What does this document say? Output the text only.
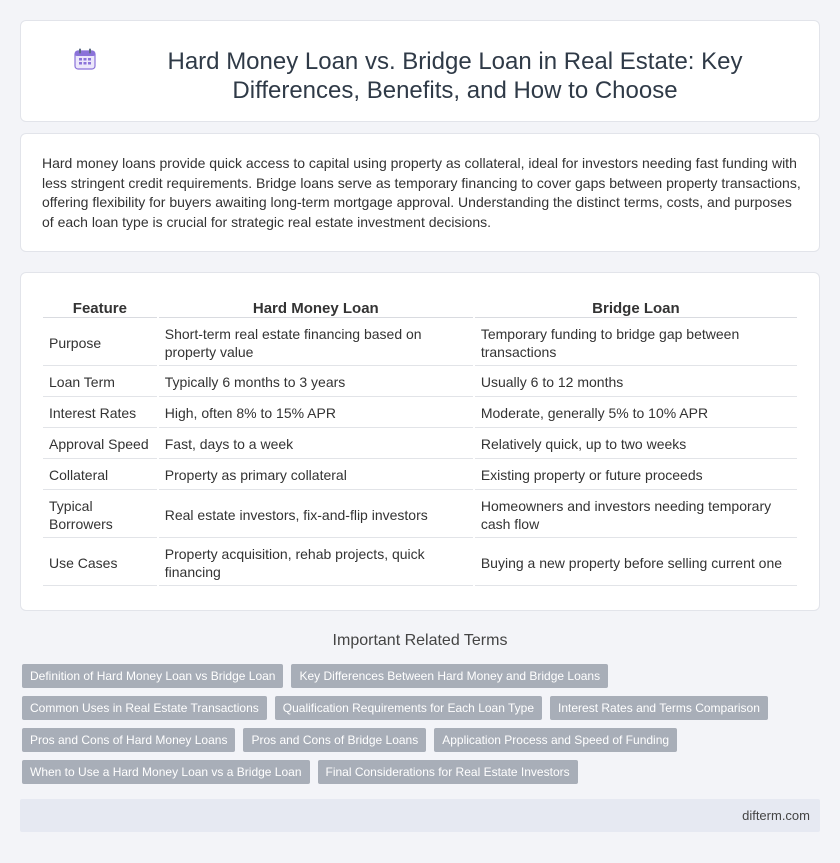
Hard Money Loan vs. Bridge Loan in Real Estate: Key Differences, Benefits, and How to Choose

Hard money loans provide quick access to capital using property as collateral, ideal for investors needing fast funding with less stringent credit requirements. Bridge loans serve as temporary financing to cover gaps between property transactions, offering flexibility for buyers awaiting long-term mortgage approval. Understanding the distinct terms, costs, and purposes of each loan type is crucial for strategic real estate investment decisions.

Feature	Hard Money Loan	Bridge Loan
Purpose	Short-term real estate financing based on property value	Temporary funding to bridge gap between transactions
Loan Term	Typically 6 months to 3 years	Usually 6 to 12 months
Interest Rates	High, often 8% to 15% APR	Moderate, generally 5% to 10% APR
Approval Speed	Fast, days to a week	Relatively quick, up to two weeks
Collateral	Property as primary collateral	Existing property or future proceeds
Typical Borrowers	Real estate investors, fix-and-flip investors	Homeowners and investors needing temporary cash flow
Use Cases	Property acquisition, rehab projects, quick financing	Buying a new property before selling current one
Important Related Terms
Definition of Hard Money Loan vs Bridge Loan	Key Differences Between Hard Money and Bridge Loans
Common Uses in Real Estate Transactions	Qualification Requirements for Each Loan Type	Interest Rates and Terms Comparison
Pros and Cons of Hard Money Loans	Pros and Cons of Bridge Loans	Application Process and Speed of Funding
When to Use a Hard Money Loan vs a Bridge Loan	Final Considerations for Real Estate Investors
difterm.com
